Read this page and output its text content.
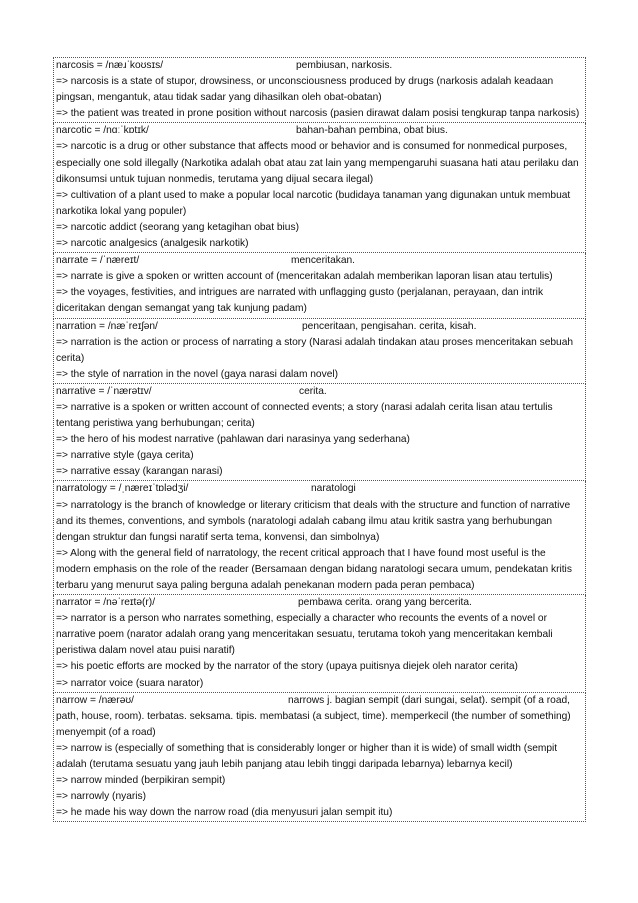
narcosis = /næɹˈkoʊsɪs/	pembiusan, narkosis.
=> narcosis is a state of stupor, drowsiness, or unconsciousness produced by drugs (narkosis adalah keadaan pingsan, mengantuk, atau tidak sadar yang dihasilkan oleh obat-obatan)
=> the patient was treated in prone position without narcosis (pasien dirawat dalam posisi tengkurap tanpa narkosis)
narcotic = /nɑːˈkɒtɪk/	bahan-bahan pembina, obat bius.
=> narcotic is a drug or other substance that affects mood or behavior and is consumed for nonmedical purposes, especially one sold illegally (Narkotika adalah obat atau zat lain yang mempengaruhi suasana hati atau perilaku dan dikonsumsi untuk tujuan nonmedis, terutama yang dijual secara ilegal)
=> cultivation of a plant used to make a popular local narcotic (budidaya tanaman yang digunakan untuk membuat narkotika lokal yang populer)
=> narcotic addict (seorang yang ketagihan obat bius)
=> narcotic analgesics (analgesik narkotik)
narrate = /ˈnæreɪt/	menceritakan.
=> narrate is give a spoken or written account of (menceritakan adalah memberikan laporan lisan atau tertulis)
=> the voyages, festivities, and intrigues are narrated with unflagging gusto (perjalanan, perayaan, dan intrik diceritakan dengan semangat yang tak kunjung padam)
narration = /næˈreɪʃən/	penceritaan, pengisahan. cerita, kisah.
=> narration is the action or process of narrating a story (Narasi adalah tindakan atau proses menceritakan sebuah cerita)
=> the style of narration in the novel (gaya narasi dalam novel)
narrative = /ˈnærətɪv/	cerita.
=> narrative is a spoken or written account of connected events; a story (narasi adalah cerita lisan atau tertulis tentang peristiwa yang berhubungan; cerita)
=> the hero of his modest narrative (pahlawan dari narasinya yang sederhana)
=> narrative style (gaya cerita)
=> narrative essay (karangan narasi)
narratology = /ˌnæreɪˈtɒlədʒi/	naratologi
=> narratology is the branch of knowledge or literary criticism that deals with the structure and function of narrative and its themes, conventions, and symbols (naratologi adalah cabang ilmu atau kritik sastra yang berhubungan dengan struktur dan fungsi naratif serta tema, konvensi, dan simbolnya)
=> Along with the general field of narratology, the recent critical approach that I have found most useful is the modern emphasis on the role of the reader (Bersamaan dengan bidang naratologi secara umum, pendekatan kritis terbaru yang menurut saya paling berguna adalah penekanan modern pada peran pembaca)
narrator = /nəˈreɪtə(r)/	pembawa cerita. orang yang bercerita.
=> narrator is a person who narrates something, especially a character who recounts the events of a novel or narrative poem (narator adalah orang yang menceritakan sesuatu, terutama tokoh yang menceritakan kembali peristiwa dalam novel atau puisi naratif)
=> his poetic efforts are mocked by the narrator of the story (upaya puitisnya diejek oleh narator cerita)
=> narrator voice (suara narator)
narrow = /nærəʊ/	narrows j. bagian sempit (dari sungai, selat). sempit (of a road, path, house, room). terbatas. seksama. tipis. membatasi (a subject, time). memperkecil (the number of something) menyempit (of a road)
=> narrow is (especially of something that is considerably longer or higher than it is wide) of small width (sempit adalah (terutama sesuatu yang jauh lebih panjang atau lebih tinggi daripada lebarnya) lebarnya kecil)
=> narrow minded (berpikiran sempit)
=> narrowly (nyaris)
=> he made his way down the narrow road (dia menyusuri jalan sempit itu)
